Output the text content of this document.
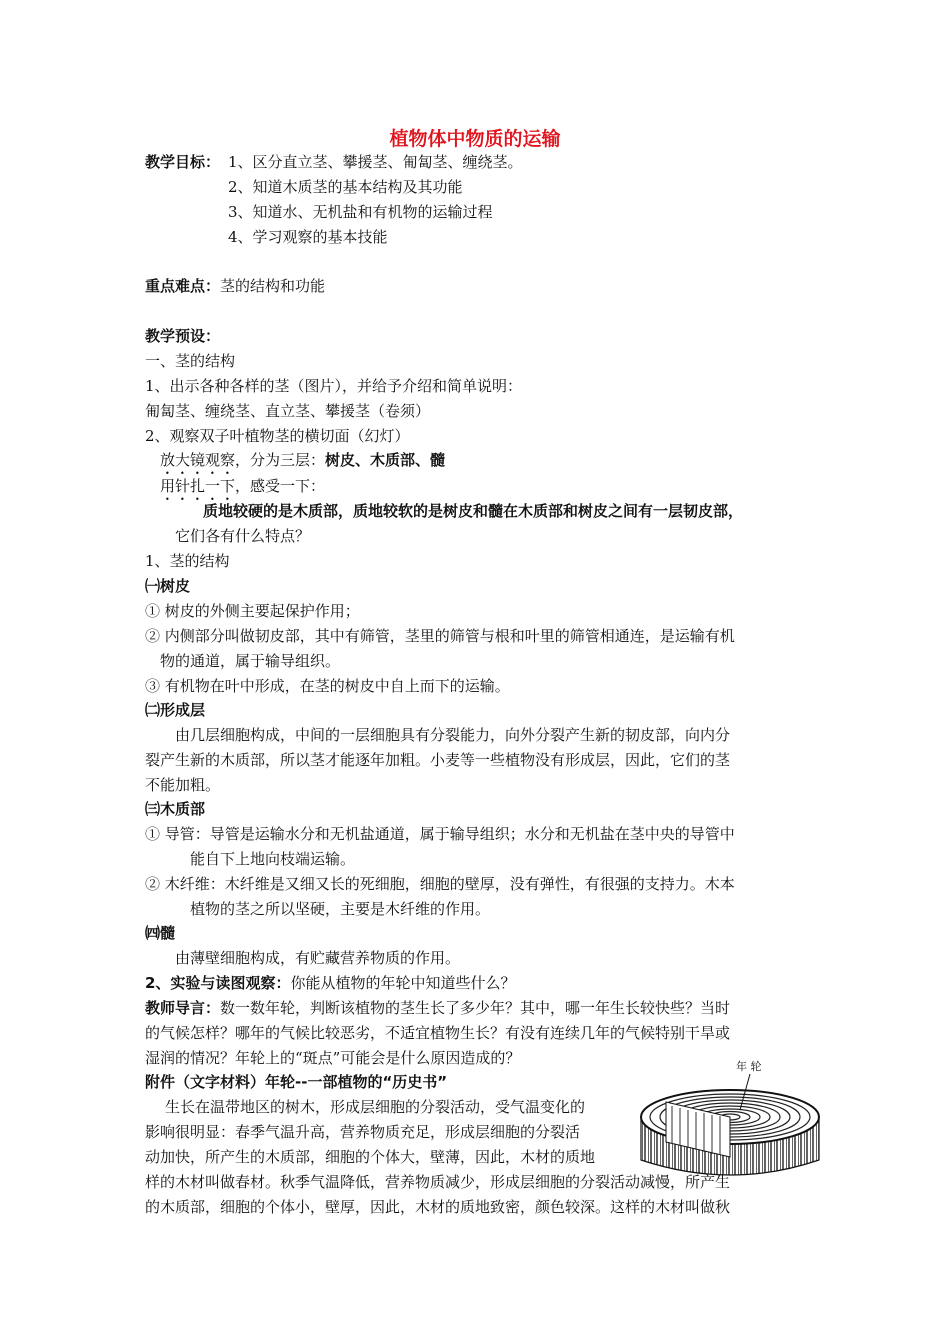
植物体中物质的运输
教学目标： 1、区分直立茎、攀援茎、匍匐茎、缠绕茎。
2、知道木质茎的基本结构及其功能
3、知道水、无机盐和有机物的运输过程
4、学习观察的基本技能
重点难点：茎的结构和功能
教学预设：
一、茎的结构
1、出示各种各样的茎（图片），并给予介绍和简单说明：
匍匐茎、缠绕茎、直立茎、攀援茎（卷须）
2、观察双子叶植物茎的横切面（幻灯）
放大镜观察，分为三层：树皮、木质部、髓
用针扎一下，感受一下：
质地较硬的是木质部，质地较软的是树皮和髓在木质部和树皮之间有一层韧皮部，
它们各有什么特点？
1、茎的结构
㈠树皮
① 树皮的外侧主要起保护作用；
② 内侧部分叫做韧皮部，其中有筛管，茎里的筛管与根和叶里的筛管相通连，是运输有机
物的通道，属于输导组织。
③ 有机物在叶中形成，在茎的树皮中自上而下的运输。
㈡形成层
由几层细胞构成，中间的一层细胞具有分裂能力，向外分裂产生新的韧皮部，向内分
裂产生新的木质部，所以茎才能逐年加粗。小麦等一些植物没有形成层，因此，它们的茎
不能加粗。
㈢木质部
① 导管：导管是运输水分和无机盐通道，属于输导组织；水分和无机盐在茎中央的导管中
能自下上地向枝端运输。
② 木纤维：木纤维是又细又长的死细胞，细胞的壁厚，没有弹性，有很强的支持力。木本
植物的茎之所以坚硬，主要是木纤维的作用。
㈣髓
由薄壁细胞构成，有贮藏营养物质的作用。
2、实验与读图观察：你能从植物的年轮中知道些什么？
教师导言：数一数年轮，判断该植物的茎生长了多少年？其中，哪一年生长较快些？当时
的气候怎样？哪年的气候比较恶劣，不适宜植物生长？有没有连续几年的气候特别干旱或
湿润的情况？年轮上的“斑点”可能会是什么原因造成的？
附件（文字材料）年轮--一部植物的“历史书”
生长在温带地区的树木，形成层细胞的分裂活动，受气温变化的
影响很明显：春季气温升高，营养物质充足，形成层细胞的分裂活
动加快，所产生的木质部，细胞的个体大，壁薄，因此，木材的质地
样的木材叫做春材。秋季气温降低，营养物质减少，形成层细胞的分裂活动减慢，所产生
的木质部，细胞的个体小，壁厚，因此，木材的质地致密，颜色较深。这样的木材叫做秋
年 轮
